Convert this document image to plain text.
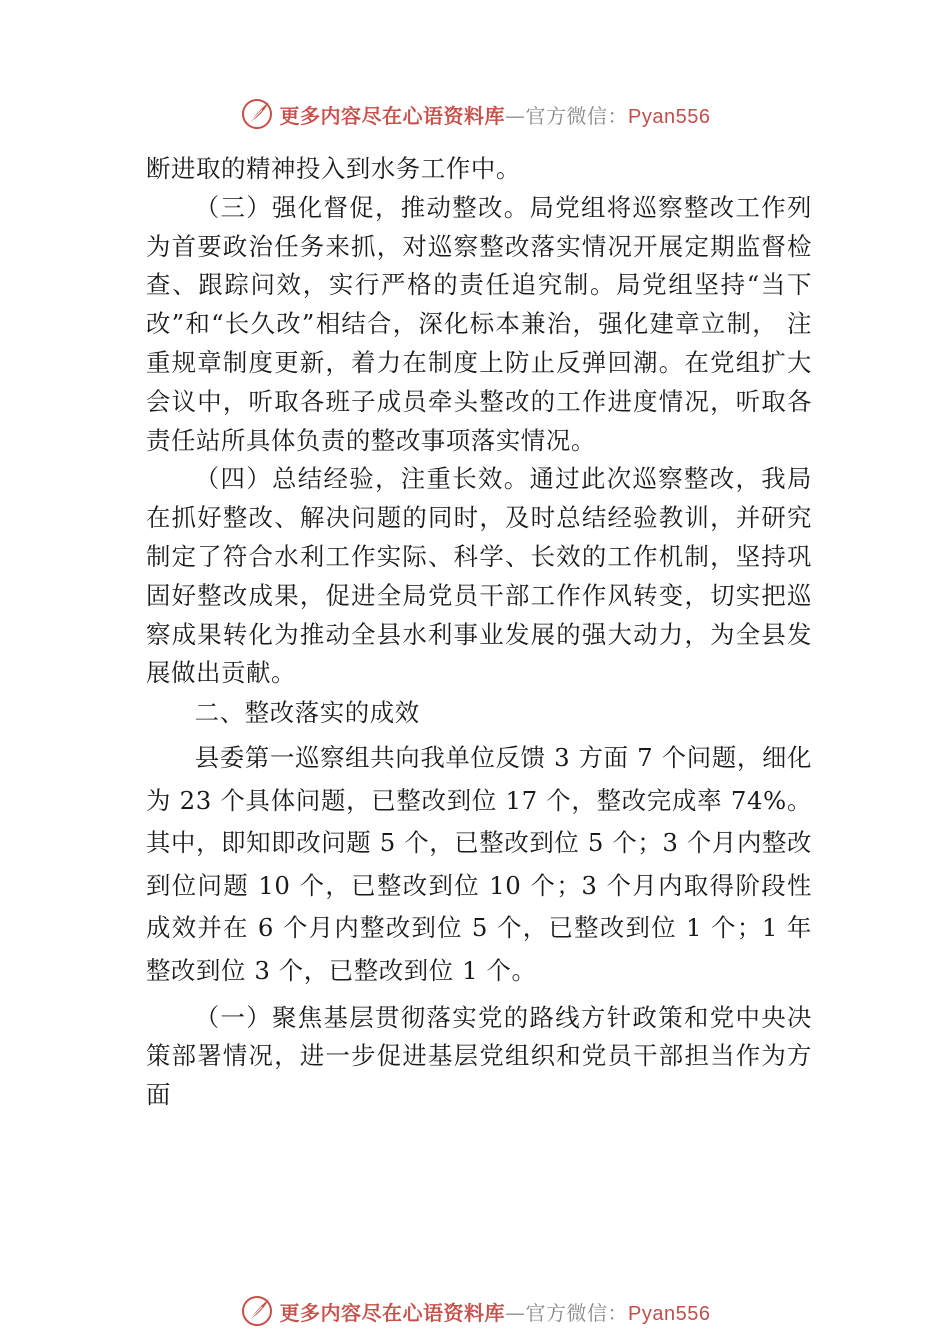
更多内容尽在心语资料库—官方微信：Pyan556

断进取的精神投入到水务工作中。

（三）强化督促，推动整改。局党组将巡察整改工作列为首要政治任务来抓，对巡察整改落实情况开展定期监督检查、跟踪问效，实行严格的责任追究制。局党组坚持“当下改”和“长久改”相结合，深化标本兼治，强化建章立制， 注重规章制度更新，着力在制度上防止反弹回潮。在党组扩大会议中，听取各班子成员牵头整改的工作进度情况，听取各责任站所具体负责的整改事项落实情况。

（四）总结经验，注重长效。通过此次巡察整改，我局在抓好整改、解决问题的同时，及时总结经验教训，并研究制定了符合水利工作实际、科学、长效的工作机制，坚持巩固好整改成果，促进全局党员干部工作作风转变，切实把巡察成果转化为推动全县水利事业发展的强大动力，为全县发展做出贡献。

二、整改落实的成效

县委第一巡察组共向我单位反馈 3 方面 7 个问题，细化为 23 个具体问题，已整改到位 17 个，整改完成率 74%。其中，即知即改问题 5 个，已整改到位 5 个；3 个月内整改到位问题 10 个，已整改到位 10 个；3 个月内取得阶段性成效并在 6 个月内整改到位 5 个，已整改到位 1 个；1 年整改到位 3 个，已整改到位 1 个。

（一）聚焦基层贯彻落实党的路线方针政策和党中央决策部署情况，进一步促进基层党组织和党员干部担当作为方面

更多内容尽在心语资料库—官方微信：Pyan556
